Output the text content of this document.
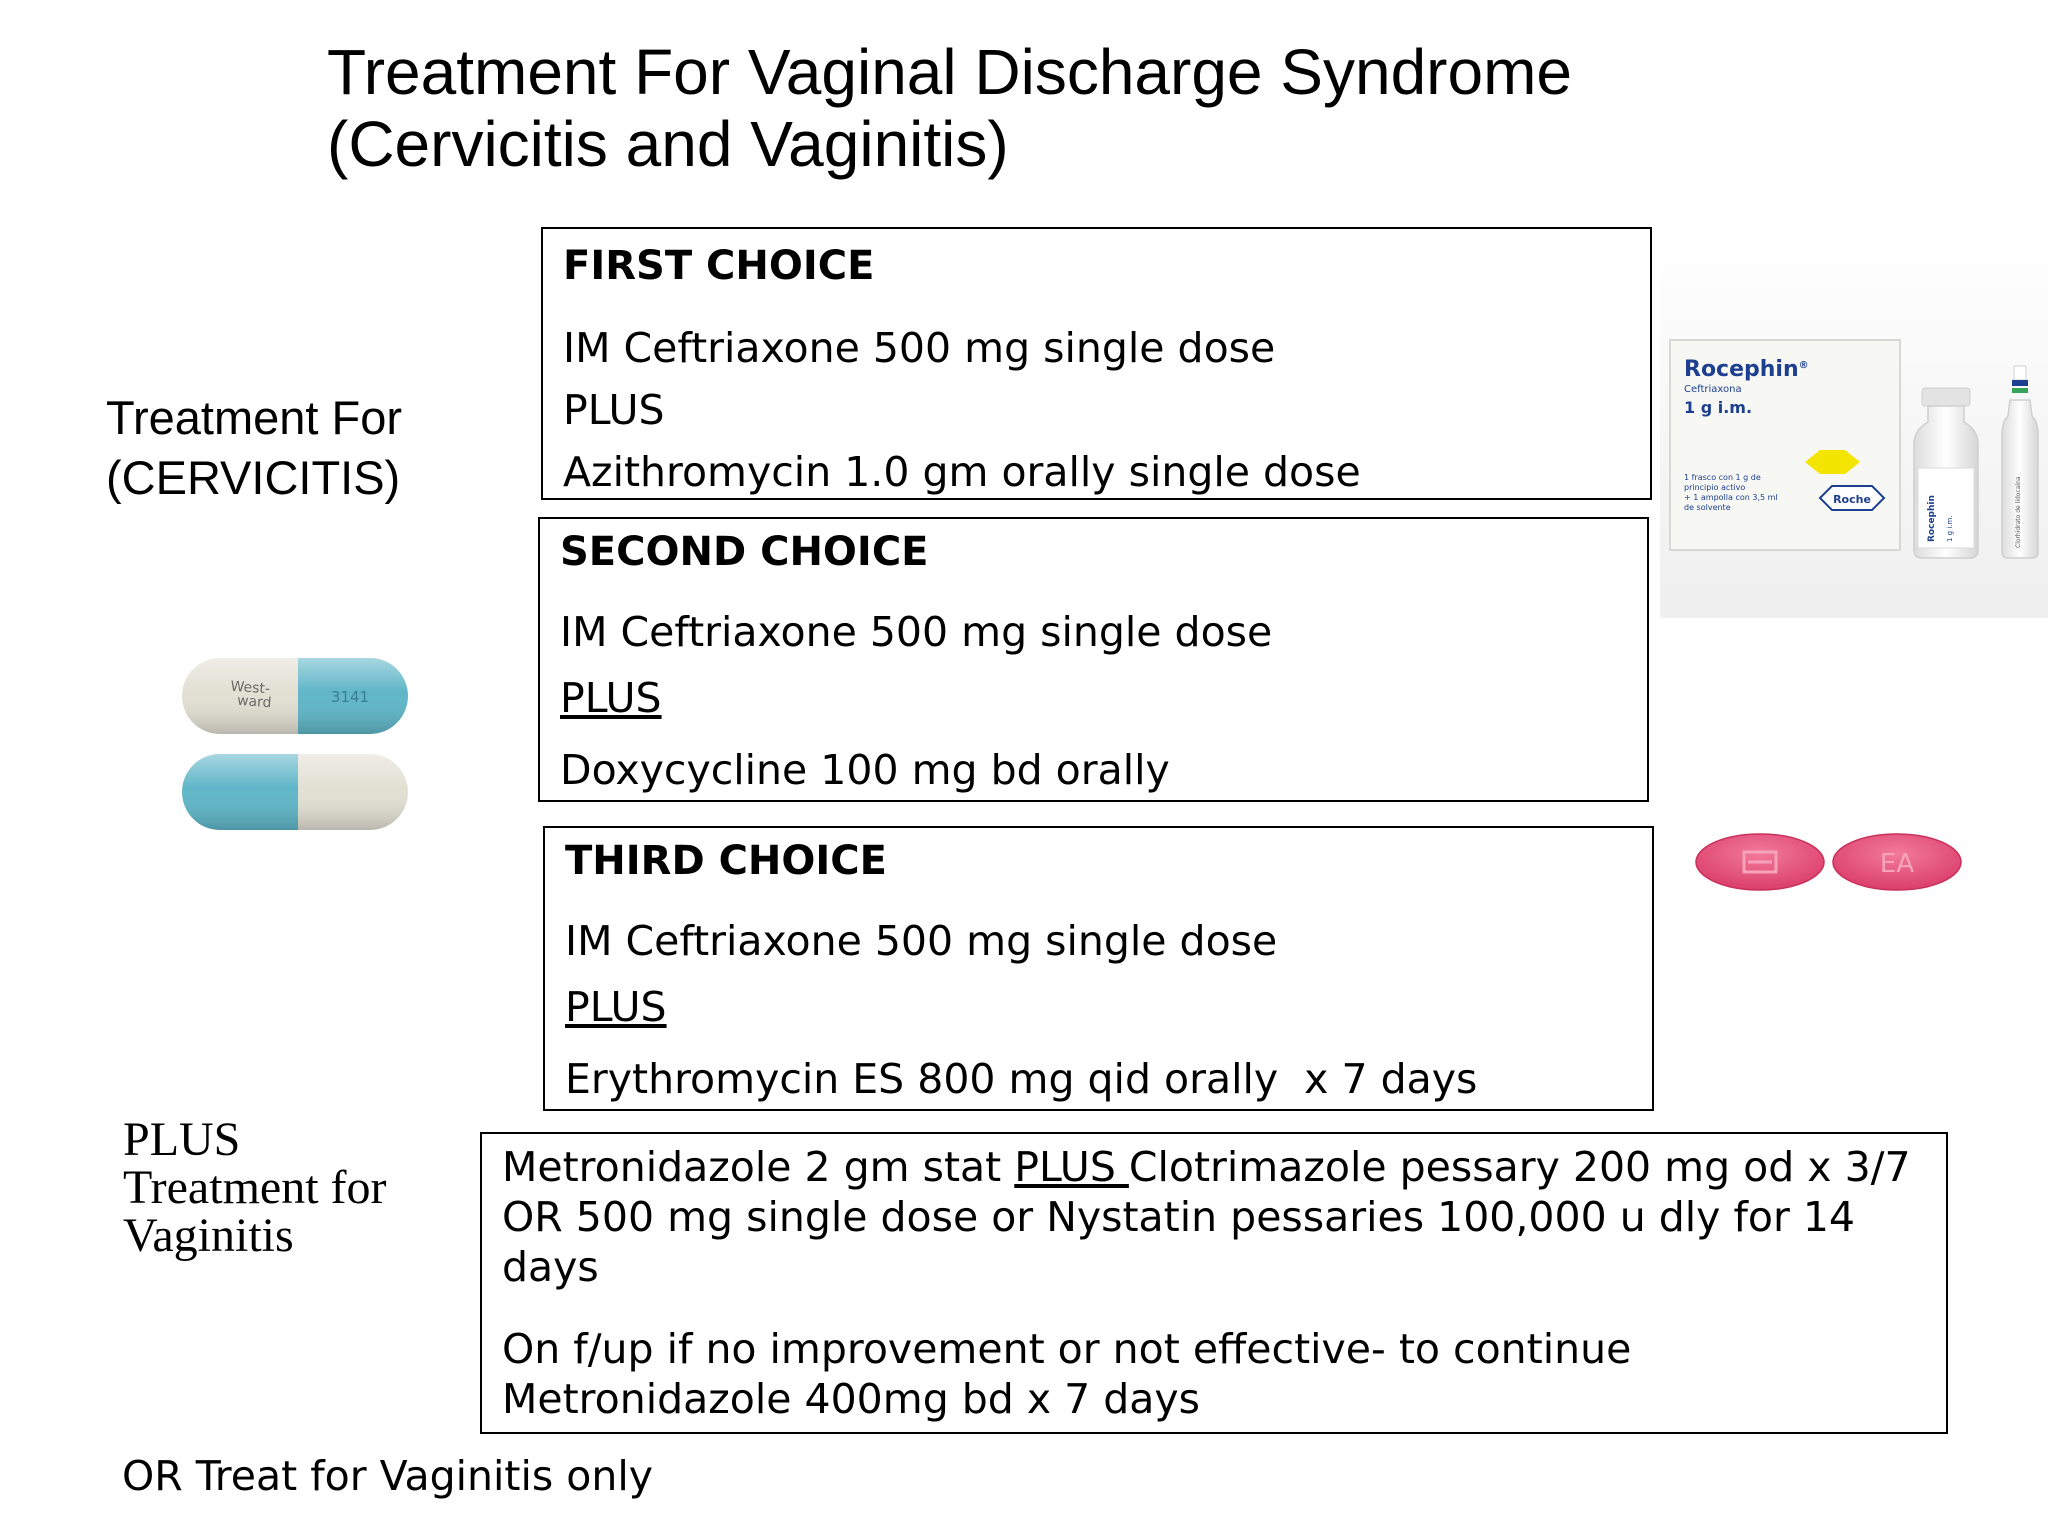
Treatment For Vaginal Discharge Syndrome
(Cervicitis and Vaginitis)
Treatment For
(CERVICITIS)
FIRST CHOICE
IM Ceftriaxone 500 mg single dose
PLUS
Azithromycin 1.0 gm orally single dose
SECOND CHOICE
IM Ceftriaxone 500 mg single dose
PLUS
Doxycycline 100 mg bd orally
THIRD CHOICE
IM Ceftriaxone 500 mg single dose
PLUS
Erythromycin ES 800 mg qid orally  x 7 days
PLUS
Treatment for
Vaginitis
Metronidazole 2 gm stat PLUS Clotrimazole pessary 200 mg od x 3/7
OR 500 mg single dose or Nystatin pessaries 100,000 u dly for 14
days
On f/up if no improvement or not effective- to continue
Metronidazole 400mg bd x 7 days
OR Treat for Vaginitis only
Rocephin®
Ceftriaxona
1 g i.m.
1 frasco con 1 g de
principio activo
+ 1 ampolla con 3,5 ml
de solvente
Roche	Rocephin 1 g i.m.	Clorhidrato de lidocaína
West-
ward	3141
EA
